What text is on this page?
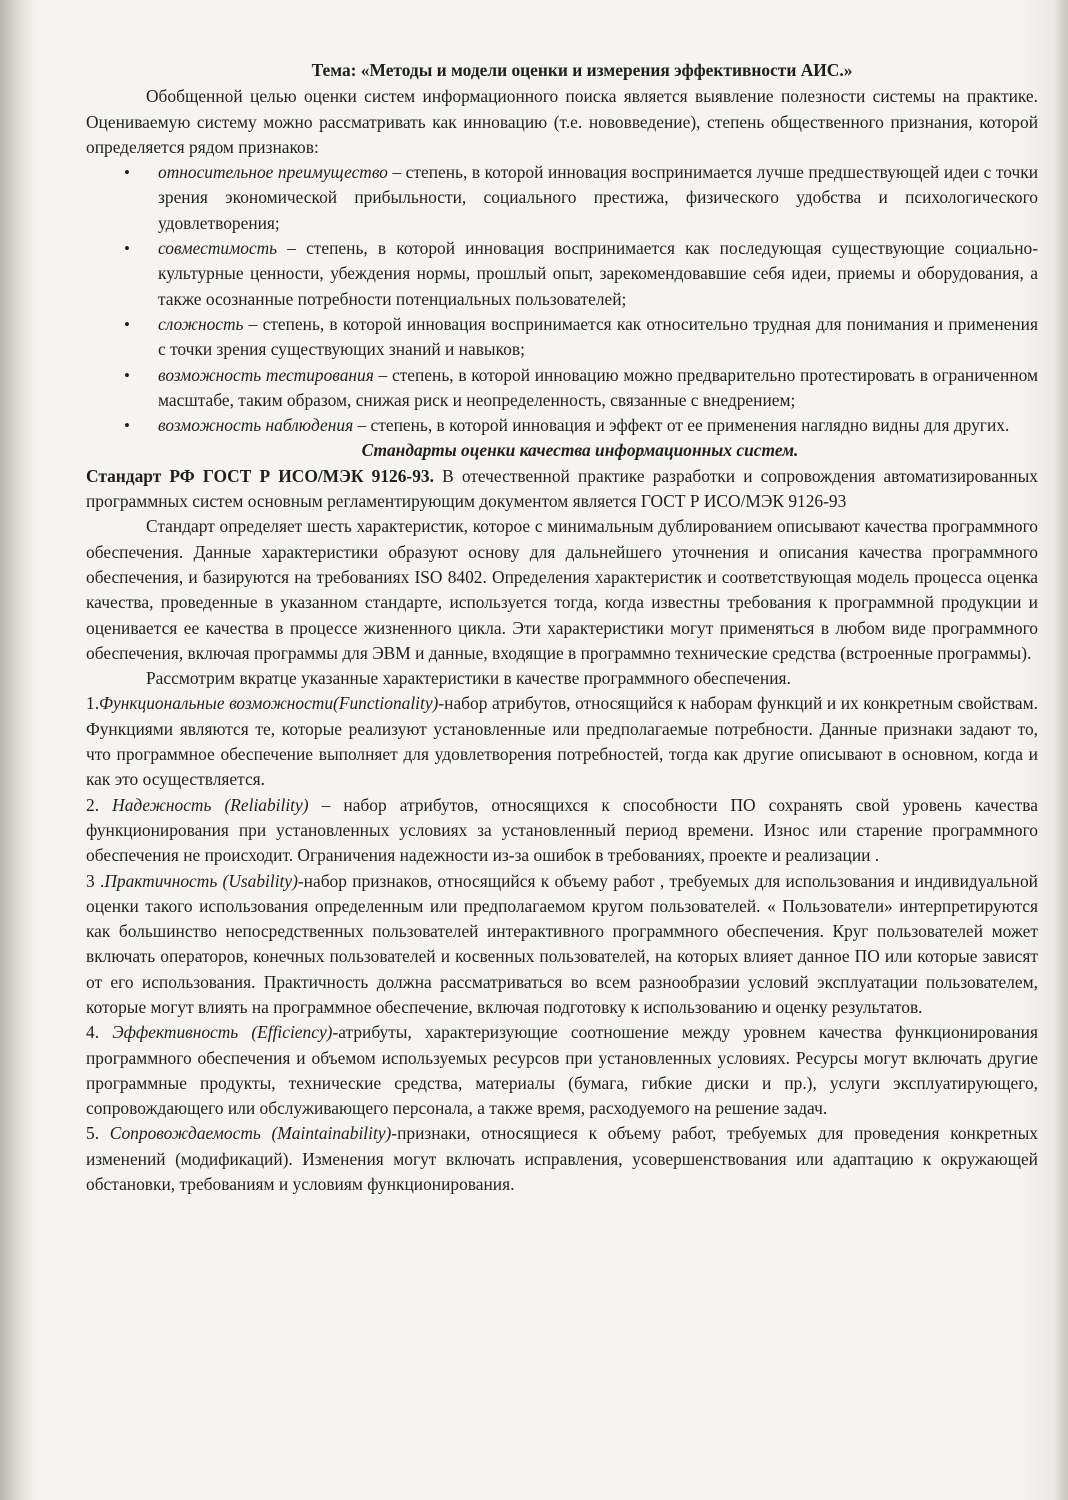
Тема: «Методы и модели оценки и измерения эффективности АИС.»

Обобщенной целью оценки систем информационного поиска является выявление полезности системы на практике. Оцениваемую систему можно рассматривать как инновацию (т.е. нововведение), степень общественного признания, которой определяется рядом признаков:

• относительное преимущество – степень, в которой инновация воспринимается лучше предшествующей идеи с точки зрения экономической прибыльности, социального престижа, физического удобства и психологического удовлетворения;
• совместимость – степень, в которой инновация воспринимается как последующая существующие социально-культурные ценности, убеждения нормы, прошлый опыт, зарекомендовавшие себя идеи, приемы и оборудования, а также осознанные потребности потенциальных пользователей;
• сложность – степень, в которой инновация воспринимается как относительно трудная для понимания и применения с точки зрения существующих знаний и навыков;
• возможность тестирования – степень, в которой инновацию можно предварительно протестировать в ограниченном масштабе, таким образом, снижая риск и неопределенность, связанные с внедрением;
• возможность наблюдения – степень, в которой инновация и эффект от ее применения наглядно видны для других.

Стандарты оценки качества информационных систем.

Стандарт РФ ГОСТ Р ИСО/МЭК 9126-93. В отечественной практике разработки и сопровождения автоматизированных программных систем основным регламентирующим документом является ГОСТ Р ИСО/МЭК 9126-93

Стандарт определяет шесть характеристик, которое с минимальным дублированием описывают качества программного обеспечения. Данные характеристики образуют основу для дальнейшего уточнения и описания качества программного обеспечения, и базируются на требованиях ISO 8402. Определения характеристик и соответствующая модель процесса оценка качества, проведенные в указанном стандарте, используется тогда, когда известны требования к программной продукции и оценивается ее качества в процессе жизненного цикла. Эти характеристики могут применяться в любом виде программного обеспечения, включая программы для ЭВМ и данные, входящие в программно технические средства (встроенные программы).

Рассмотрим вкратце указанные характеристики в качестве программного обеспечения.

1.Функциональные возможности(Functionality)-набор атрибутов, относящийся к наборам функций и их конкретным свойствам. Функциями являются те, которые реализуют установленные или предполагаемые потребности. Данные признаки задают то, что программное обеспечение выполняет для удовлетворения потребностей, тогда как другие описывают в основном, когда и как это осуществляется.

2. Надежность (Reliability) – набор атрибутов, относящихся к способности ПО сохранять свой уровень качества функционирования при установленных условиях за установленный период времени. Износ или старение программного обеспечения не происходит. Ограничения надежности из-за ошибок в требованиях, проекте и реализации .

3 .Практичность (Usability)-набор признаков, относящийся к объему работ , требуемых для использования и индивидуальной оценки такого использования определенным или предполагаемом кругом пользователей. « Пользователи» интерпретируются как большинство непосредственных пользователей интерактивного программного обеспечения. Круг пользователей может включать операторов, конечных пользователей и косвенных пользователей, на которых влияет данное ПО или которые зависят от его использования. Практичность должна рассматриваться во всем разнообразии условий эксплуатации пользователем, которые могут влиять на программное обеспечение, включая подготовку к использованию и оценку результатов.

4. Эффективность (Efficiency)-атрибуты, характеризующие соотношение между уровнем качества функционирования программного обеспечения и объемом используемых ресурсов при установленных условиях. Ресурсы могут включать другие программные продукты, технические средства, материалы (бумага, гибкие диски и пр.), услуги эксплуатирующего, сопровождающего или обслуживающего персонала, а также время, расходуемого на решение задач.

5. Сопровождаемость (Maintainability)-признаки, относящиеся к объему работ, требуемых для проведения конкретных изменений (модификаций). Изменения могут включать исправления, усовершенствования или адаптацию к окружающей обстановки, требованиям и условиям функционирования.
